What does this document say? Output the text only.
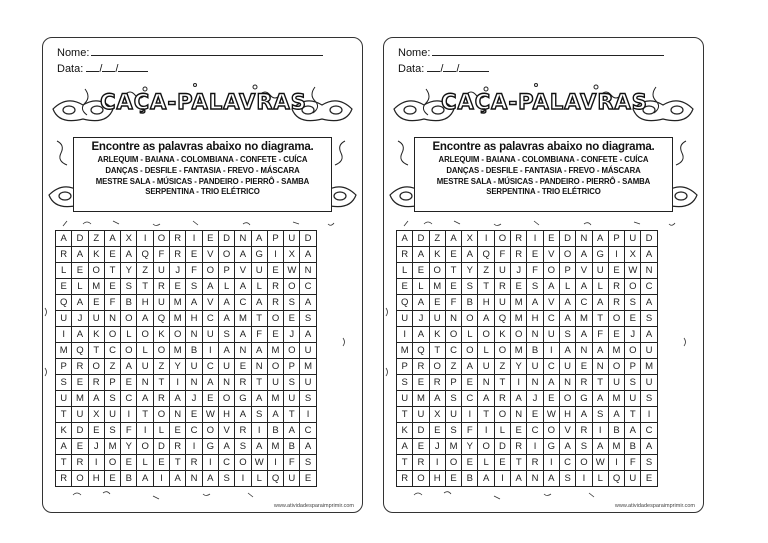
Nome:
Data: / /
CAÇA-PALAVRAS
Encontre as palavras abaixo no diagrama.
ARLEQUIM - BAIANA - COLOMBIANA - CONFETE - CUÍCA
DANÇAS - DESFILE - FANTASIA - FREVO - MÁSCARA
MESTRE SALA - MÚSICAS - PANDEIRO - PIERRÔ - SAMBA
SERPENTINA - TRIO ELÉTRICO
A	D	Z	A	X	I	O	R	I	E	D	N	A	P	U	D
R	A	K	E	A	Q	F	R	E	V	O	A	G	I	X	A
L	E	O	T	Y	Z	U	J	F	O	P	V	U	E	W	N
E	L	M	E	S	T	R	E	S	A	L	A	L	R	O	C
Q	A	E	F	B	H	U	M	A	V	A	C	A	R	S	A
U	J	U	N	O	A	Q	M	H	C	A	M	T	O	E	S
I	A	K	O	L	O	K	O	N	U	S	A	F	E	J	A
M	Q	T	C	O	L	O	M	B	I	A	N	A	M	O	U
P	R	O	Z	A	U	Z	Y	U	C	U	E	N	O	P	M
S	E	R	P	E	N	T	I	N	A	N	R	T	U	S	U
U	M	A	S	C	A	R	A	J	E	O	G	A	M	U	S
T	U	X	U	I	T	O	N	E	W	H	A	S	A	T	I
K	D	E	S	F	I	L	E	C	O	V	R	I	B	A	C
A	E	J	M	Y	O	D	R	I	G	A	S	A	M	B	A
T	R	I	O	E	L	E	T	R	I	C	O	W	I	F	S
R	O	H	E	B	A	I	A	N	A	S	I	L	Q	U	E
www.atividadesparaimprimir.com
Nome:
Data: / /
CAÇA-PALAVRAS
Encontre as palavras abaixo no diagrama.
ARLEQUIM - BAIANA - COLOMBIANA - CONFETE - CUÍCA
DANÇAS - DESFILE - FANTASIA - FREVO - MÁSCARA
MESTRE SALA - MÚSICAS - PANDEIRO - PIERRÔ - SAMBA
SERPENTINA - TRIO ELÉTRICO
A	D	Z	A	X	I	O	R	I	E	D	N	A	P	U	D
R	A	K	E	A	Q	F	R	E	V	O	A	G	I	X	A
L	E	O	T	Y	Z	U	J	F	O	P	V	U	E	W	N
E	L	M	E	S	T	R	E	S	A	L	A	L	R	O	C
Q	A	E	F	B	H	U	M	A	V	A	C	A	R	S	A
U	J	U	N	O	A	Q	M	H	C	A	M	T	O	E	S
I	A	K	O	L	O	K	O	N	U	S	A	F	E	J	A
M	Q	T	C	O	L	O	M	B	I	A	N	A	M	O	U
P	R	O	Z	A	U	Z	Y	U	C	U	E	N	O	P	M
S	E	R	P	E	N	T	I	N	A	N	R	T	U	S	U
U	M	A	S	C	A	R	A	J	E	O	G	A	M	U	S
T	U	X	U	I	T	O	N	E	W	H	A	S	A	T	I
K	D	E	S	F	I	L	E	C	O	V	R	I	B	A	C
A	E	J	M	Y	O	D	R	I	G	A	S	A	M	B	A
T	R	I	O	E	L	E	T	R	I	C	O	W	I	F	S
R	O	H	E	B	A	I	A	N	A	S	I	L	Q	U	E
www.atividadesparaimprimir.com
